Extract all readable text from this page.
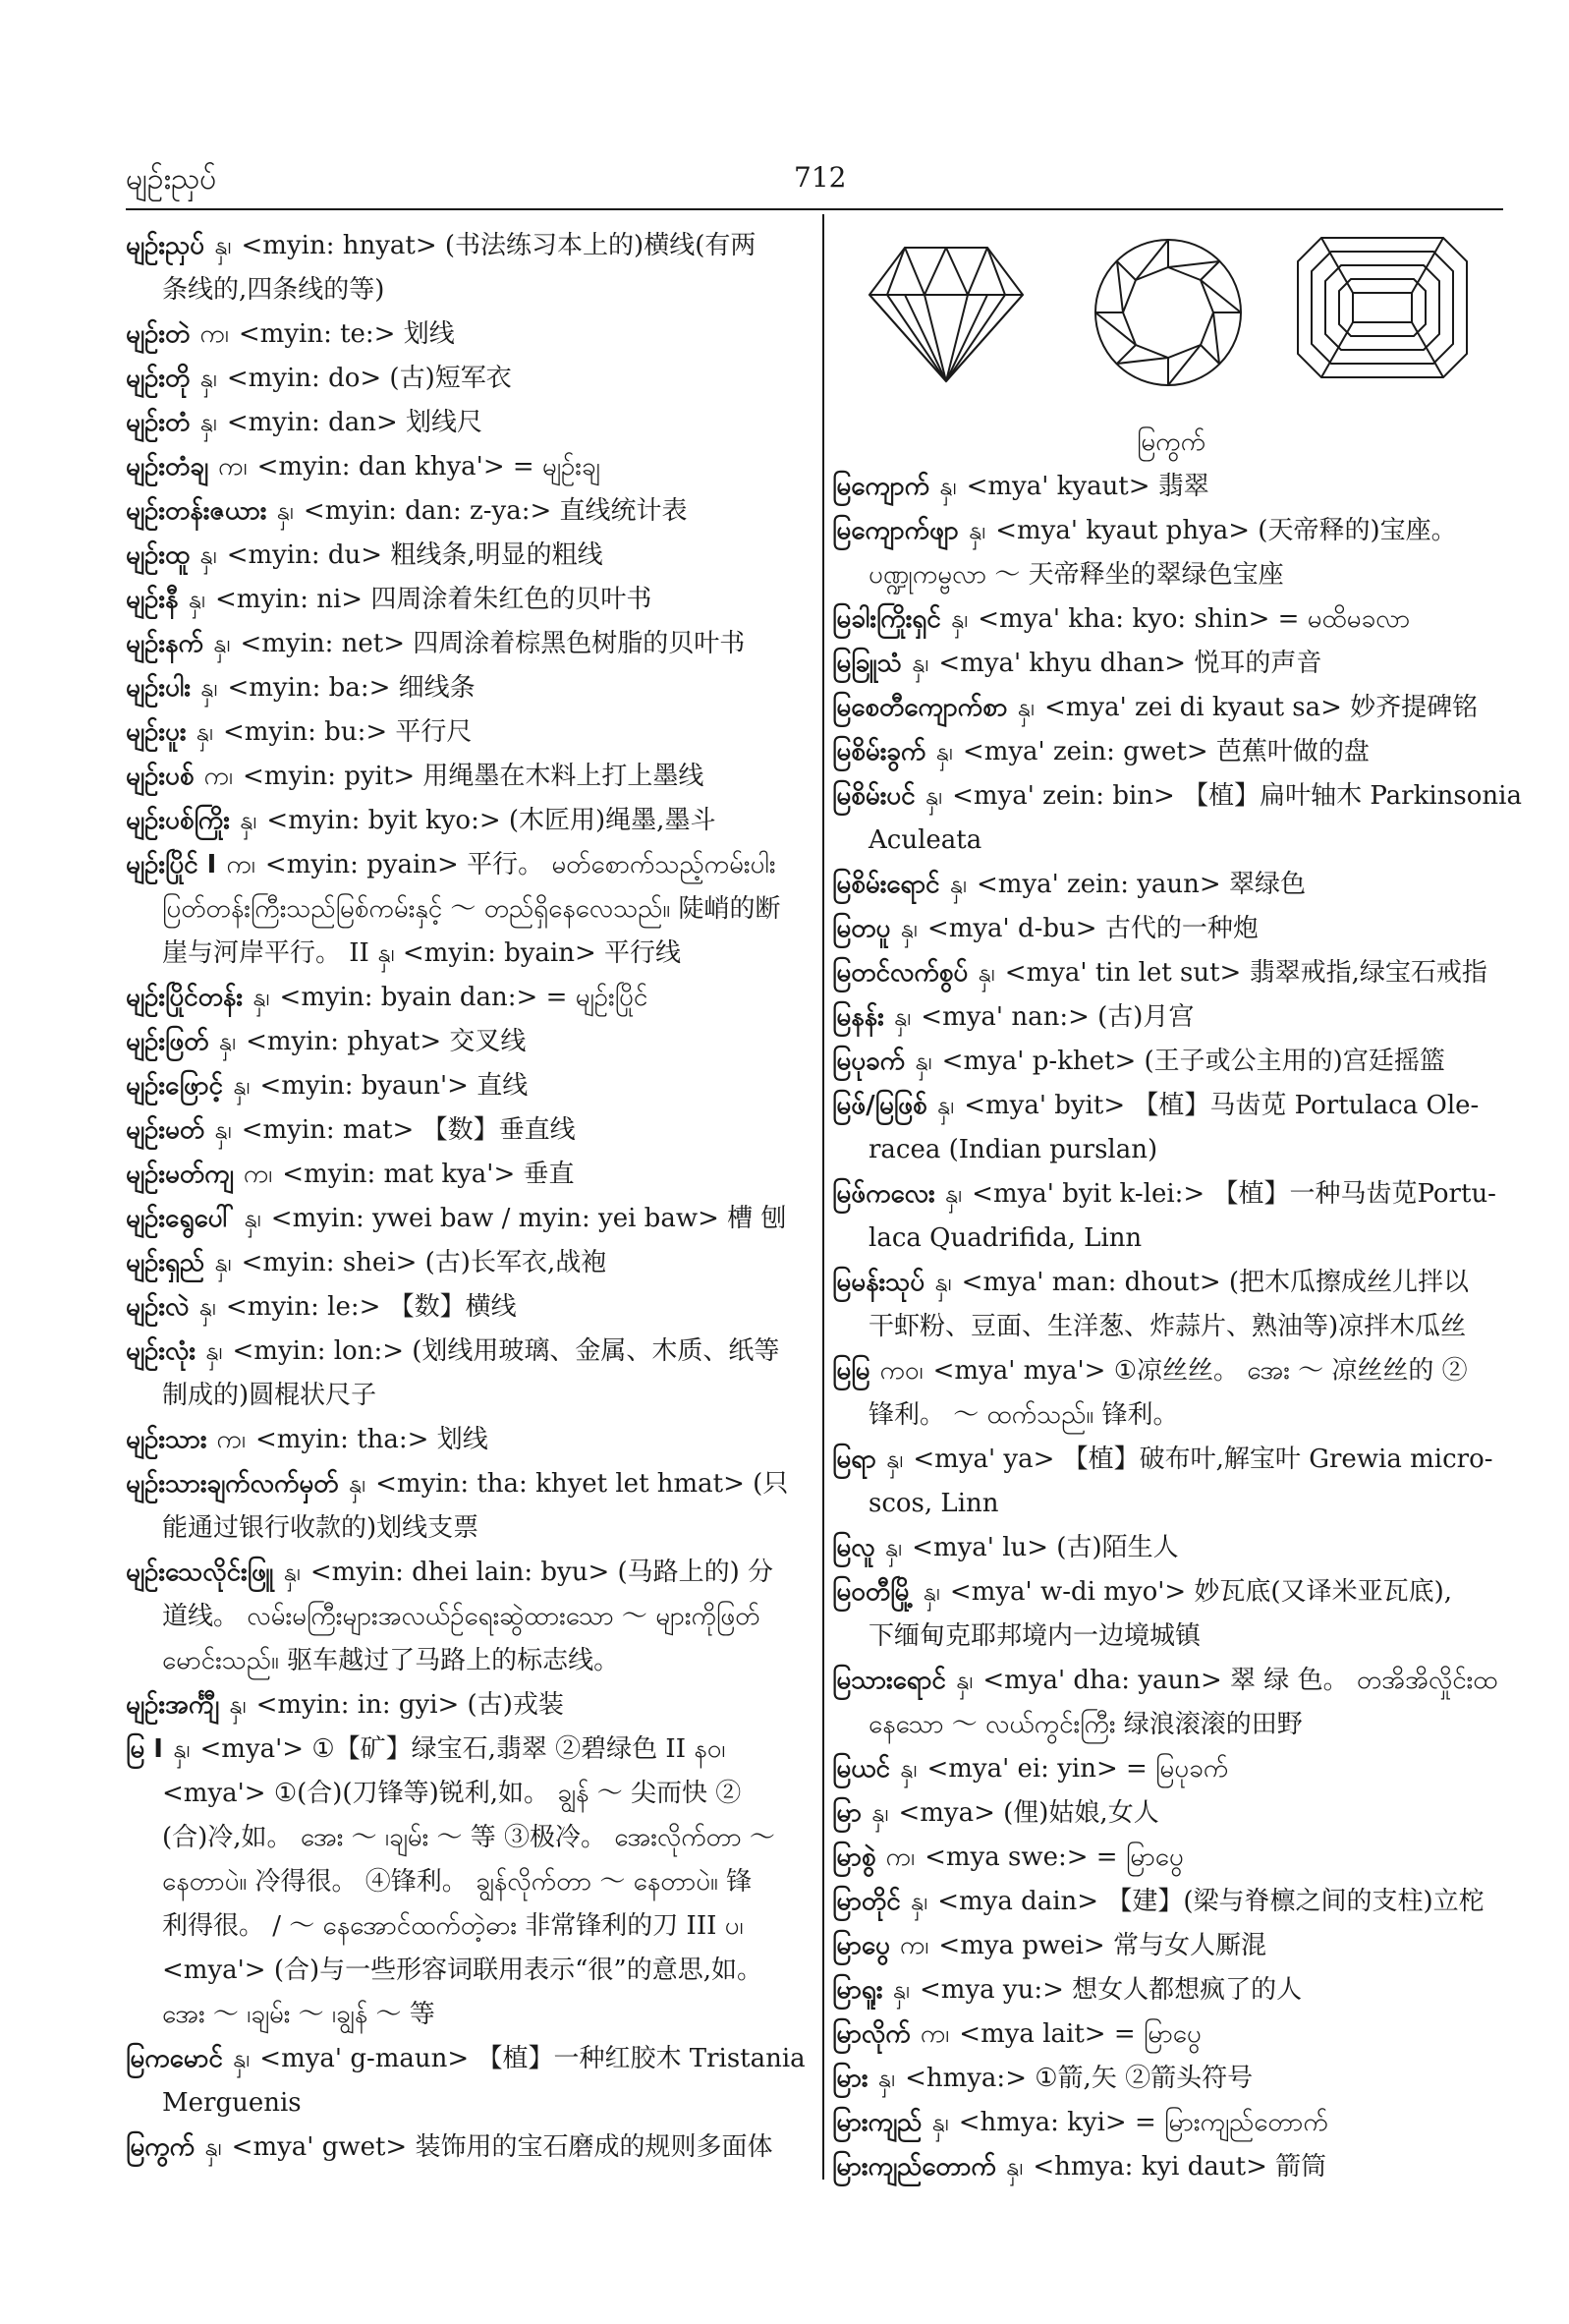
မျဉ်းညှပ်	712
မျဉ်းညှပ် နှ၊ <myin: hnyat> (书法练习本上的)横线(有两
条线的,四条线的等)
မျဉ်းတဲ က၊ <myin: te:> 划线
မျဉ်းတို နှ၊ <myin: do> (古)短军衣
မျဉ်းတံ နှ၊ <myin: dan> 划线尺
မျဉ်းတံချ က၊ <myin: dan khya'> = မျဉ်းချ
မျဉ်းတန်းဇယား နှ၊ <myin: dan: z-ya:> 直线统计表
မျဉ်းထူ နှ၊ <myin: du> 粗线条,明显的粗线
မျဉ်းနီ နှ၊ <myin: ni> 四周涂着朱红色的贝叶书
မျဉ်းနက် နှ၊ <myin: net> 四周涂着棕黑色树脂的贝叶书
မျဉ်းပါး နှ၊ <myin: ba:> 细线条
မျဉ်းပူး နှ၊ <myin: bu:> 平行尺
မျဉ်းပစ် က၊ <myin: pyit> 用绳墨在木料上打上墨线
မျဉ်းပစ်ကြိုး နှ၊ <myin: byit kyo:> (木匠用)绳墨,墨斗
မျဉ်းပြိုင် I က၊ <myin: pyain> 平行。 မတ်စောက်သည့်ကမ်းပါး
ပြတ်တန်းကြီးသည်မြစ်ကမ်းနှင့် ～ တည်ရှိနေလေသည်။ 陡峭的断
崖与河岸平行。 II နှ၊ <myin: byain> 平行线
မျဉ်းပြိုင်တန်း နှ၊ <myin: byain dan:> = မျဉ်းပြိုင်
မျဉ်းဖြတ် နှ၊ <myin: phyat> 交叉线
မျဉ်းဖြောင့် နှ၊ <myin: byaun'> 直线
မျဉ်းမတ် နှ၊ <myin: mat> 【数】垂直线
မျဉ်းမတ်ကျ က၊ <myin: mat kya'> 垂直
မျဉ်းရွေပေါ် နှ၊ <myin: ywei baw / myin: yei baw> 槽 刨
မျဉ်းရှည် နှ၊ <myin: shei> (古)长军衣,战袍
မျဉ်းလဲ နှ၊ <myin: le:> 【数】横线
မျဉ်းလုံး နှ၊ <myin: lon:> (划线用玻璃、金属、木质、纸等
制成的)圆棍状尺子
မျဉ်းသား က၊ <myin: tha:> 划线
မျဉ်းသားချက်လက်မှတ် နှ၊ <myin: tha: khyet let hmat> (只
能通过银行收款的)划线支票
မျဉ်းသေလိုင်းဖြူ နှ၊ <myin: dhei lain: byu> (马路上的) 分
道线。 လမ်းမကြီးများအလယ်ဉ်ရေးဆွဲထားသော ～ များကိုဖြတ်
မောင်းသည်။ 驱车越过了马路上的标志线。
မျဉ်းအင်္ကျီ နှ၊ <myin: in: gyi> (古)戎装
မြ I နှ၊ <mya'> ①【矿】绿宝石,翡翠 ②碧绿色 II နဝ၊
<mya'> ①(合)(刀锋等)锐利,如。 ချွန် ～ 尖而快 ②
(合)冷,如。 အေး ～ ၊ချမ်း ～ 等 ③极冷。 အေးလိုက်တာ ～
နေတာပဲ။ 冷得很。 ④锋利。 ချွန်လိုက်တာ ～ နေတာပဲ။ 锋
利得很。 / ～ နေအောင်ထက်တဲ့ဓား 非常锋利的刀 III ပ၊
<mya'> (合)与一些形容词联用表示“很”的意思,如。
အေး ～ ၊ချမ်း ～ ၊ချွန် ～ 等
မြကမောင် နှ၊ <mya' g-maun> 【植】一种红胶木 Tristania
Merguenis
မြကွက် နှ၊ <mya' gwet> 装饰用的宝石磨成的规则多面体
မြကွက်
မြကျောက် နှ၊ <mya' kyaut> 翡翠
မြကျောက်ဖျာ နှ၊ <mya' kyaut phya> (天帝释的)宝座。
ပဏ္ဍုကမ္ဗလာ ～ 天帝释坐的翠绿色宝座
မြခါးကြိုးရှင် နှ၊ <mya' kha: kyo: shin> = မထိမခလာ
မြခြူသံ နှ၊ <mya' khyu dhan> 悦耳的声音
မြစေတီကျောက်စာ နှ၊ <mya' zei di kyaut sa> 妙齐提碑铭
မြစိမ်းခွက် နှ၊ <mya' zein: gwet> 芭蕉叶做的盘
မြစိမ်းပင် နှ၊ <mya' zein: bin> 【植】扁叶轴木 Parkinsonia
Aculeata
မြစိမ်းရောင် နှ၊ <mya' zein: yaun> 翠绿色
မြတပူ နှ၊ <mya' d-bu> 古代的一种炮
မြတင်လက်စွပ် နှ၊ <mya' tin let sut> 翡翠戒指,绿宝石戒指
မြနန်း နှ၊ <mya' nan:> (古)月宫
မြပုခက် နှ၊ <mya' p-khet> (王子或公主用的)宫廷摇篮
မြဖ်/မြဖြစ် နှ၊ <mya' byit> 【植】马齿苋 Portulaca Ole-
racea (Indian purslan)
မြဖ်ကလေး နှ၊ <mya' byit k-lei:> 【植】一种马齿苋Portu-
laca Quadrifida, Linn
မြမန်းသုပ် နှ၊ <mya' man: dhout> (把木瓜擦成丝儿拌以
干虾粉、豆面、生洋葱、炸蒜片、熟油等)凉拌木瓜丝
မြမြ ကဝ၊ <mya' mya'> ①凉丝丝。 အေး ～ 凉丝丝的 ②
锋利。 ～ ထက်သည်။ 锋利。
မြရာ နှ၊ <mya' ya> 【植】破布叶,解宝叶 Grewia micro-
scos, Linn
မြလူ နှ၊ <mya' lu> (古)陌生人
မြဝတီမြို့ နှ၊ <mya' w-di myo'> 妙瓦底(又译米亚瓦底),
下缅甸克耶邦境内一边境城镇
မြသားရောင် နှ၊ <mya' dha: yaun> 翠 绿 色。 တအိအိလှိုင်းထ
နေသော ～ လယ်ကွင်းကြီး 绿浪滚滚的田野
မြယင် နှ၊ <mya' ei: yin> = မြပုခက်
မြာ နှ၊ <mya> (俚)姑娘,女人
မြာစွဲ က၊ <mya swe:> = မြာပွေ
မြာတိုင် နှ၊ <mya dain> 【建】(梁与脊檩之间的支柱)立柁
မြာပွေ က၊ <mya pwei> 常与女人厮混
မြာရူး နှ၊ <mya yu:> 想女人都想疯了的人
မြာလိုက် က၊ <mya lait> = မြာပွေ
မြား နှ၊ <hmya:> ①箭,矢 ②箭头符号
မြားကျည် နှ၊ <hmya: kyi> = မြားကျည်တောက်
မြားကျည်တောက် နှ၊ <hmya: kyi daut> 箭筒
